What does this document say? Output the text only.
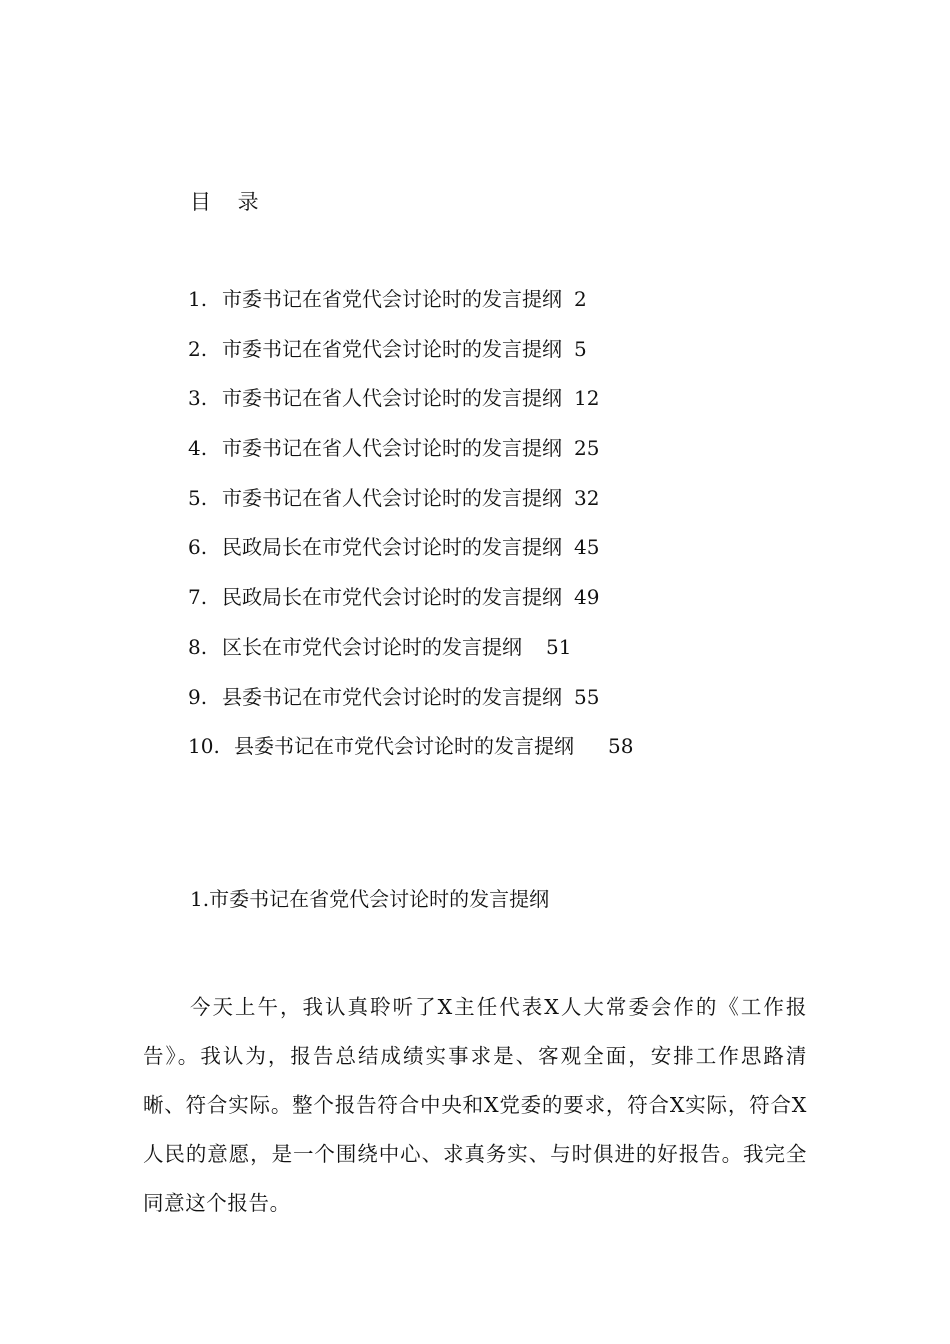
目 录
1. 市委书记在省党代会讨论时的发言提纲 2
2. 市委书记在省党代会讨论时的发言提纲 5
3. 市委书记在省人代会讨论时的发言提纲 12
4. 市委书记在省人代会讨论时的发言提纲 25
5. 市委书记在省人代会讨论时的发言提纲 32
6. 民政局长在市党代会讨论时的发言提纲 45
7. 民政局长在市党代会讨论时的发言提纲 49
8. 区长在市党代会讨论时的发言提纲 51
9. 县委书记在市党代会讨论时的发言提纲 55
10. 县委书记在市党代会讨论时的发言提纲 58
1.市委书记在省党代会讨论时的发言提纲

今天上午，我认真聆听了X主任代表X人大常委会作的《工作报告》。我认为，报告总结成绩实事求是、客观全面，安排工作思路清晰、符合实际。整个报告符合中央和X党委的要求，符合X实际，符合X人民的意愿，是一个围绕中心、求真务实、与时俱进的好报告。我完全同意这个报告。
